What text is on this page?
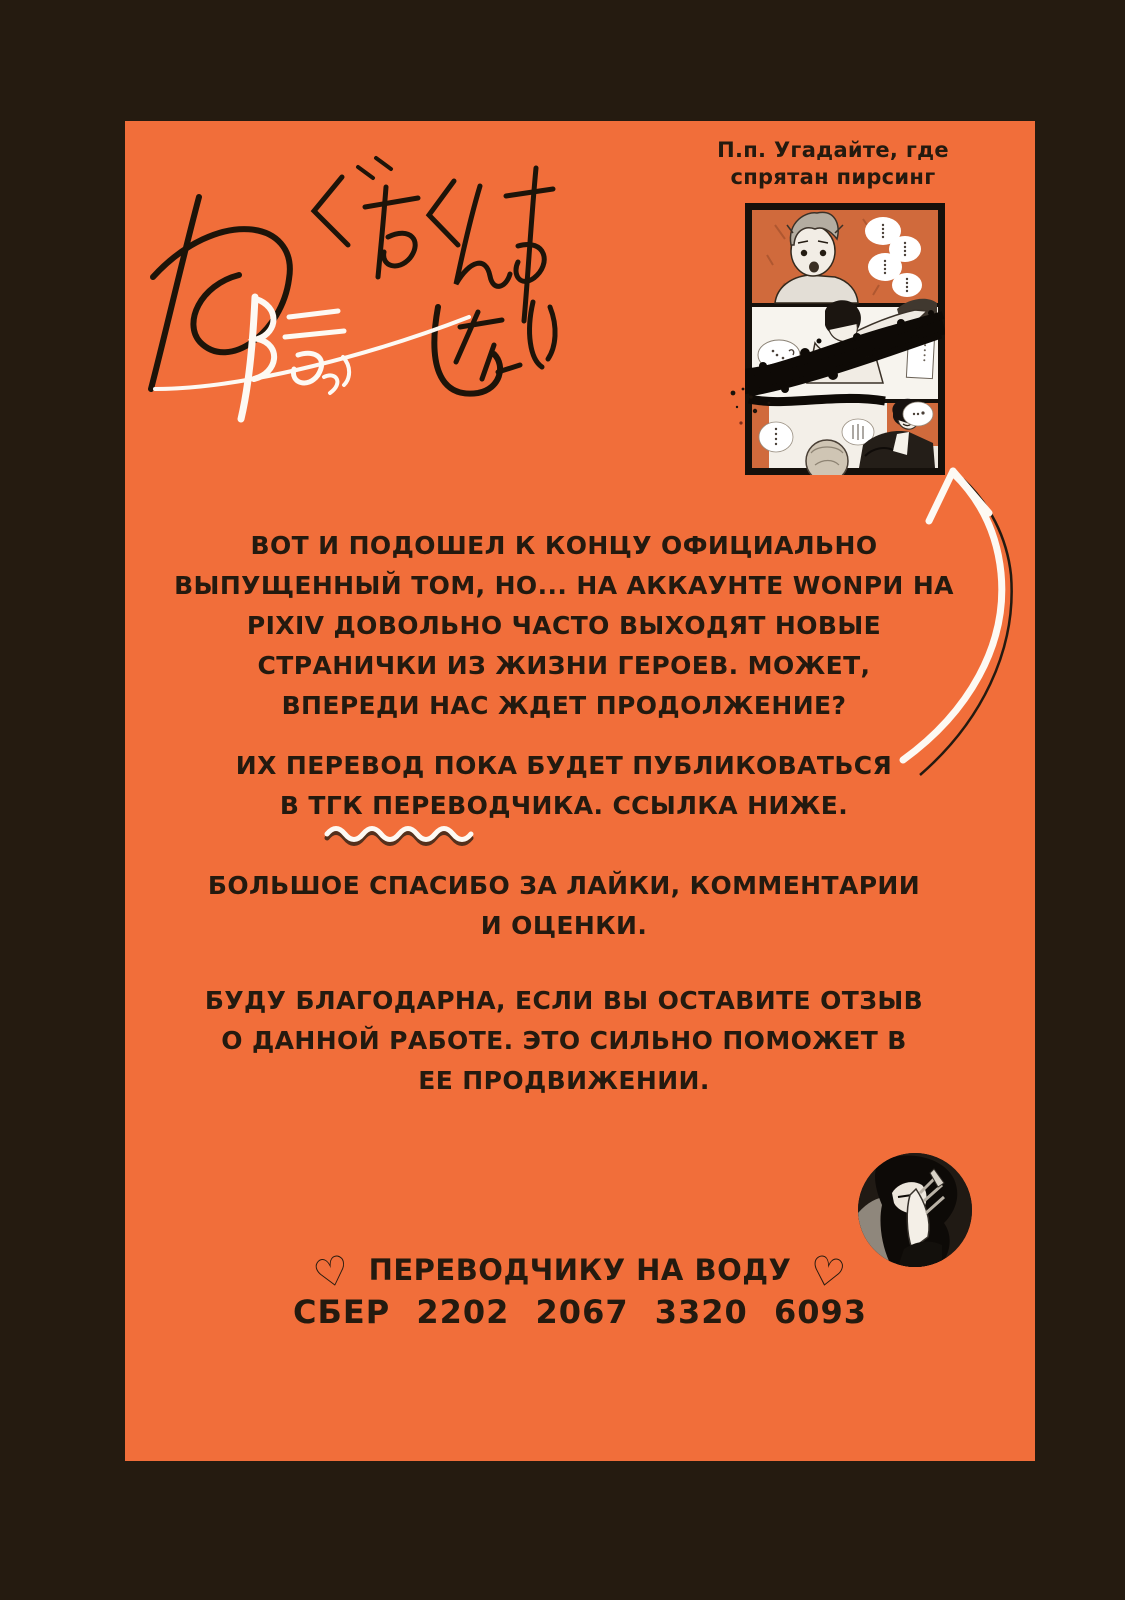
П.п. Угадайте, где
спрятан пирсинг
ВОТ И ПОДОШЕЛ К КОНЦУ ОФИЦИАЛЬНО
ВЫПУЩЕННЫЙ ТОМ, НО... НА АККАУНТЕ WONPИ НА
PIXIV ДОВОЛЬНО ЧАСТО ВЫХОДЯТ НОВЫЕ
СТРАНИЧКИ ИЗ ЖИЗНИ ГЕРОЕВ. МОЖЕТ,
ВПЕРЕДИ НАС ЖДЕТ ПРОДОЛЖЕНИЕ?
ИХ ПЕРЕВОД ПОКА БУДЕТ ПУБЛИКОВАТЬСЯ
В ТГК ПЕРЕВОДЧИКА. ССЫЛКА НИЖЕ.
БОЛЬШОЕ СПАСИБО ЗА ЛАЙКИ, КОММЕНТАРИИ
И ОЦЕНКИ.
БУДУ БЛАГОДАРНА, ЕСЛИ ВЫ ОСТАВИТЕ ОТЗЫВ
О ДАННОЙ РАБОТЕ. ЭТО СИЛЬНО ПОМОЖЕТ В
ЕЕ ПРОДВИЖЕНИИ.
♡ ПЕРЕВОДЧИКУ НА ВОДУ ♡
СБЕР 2202 2067 3320 6093
